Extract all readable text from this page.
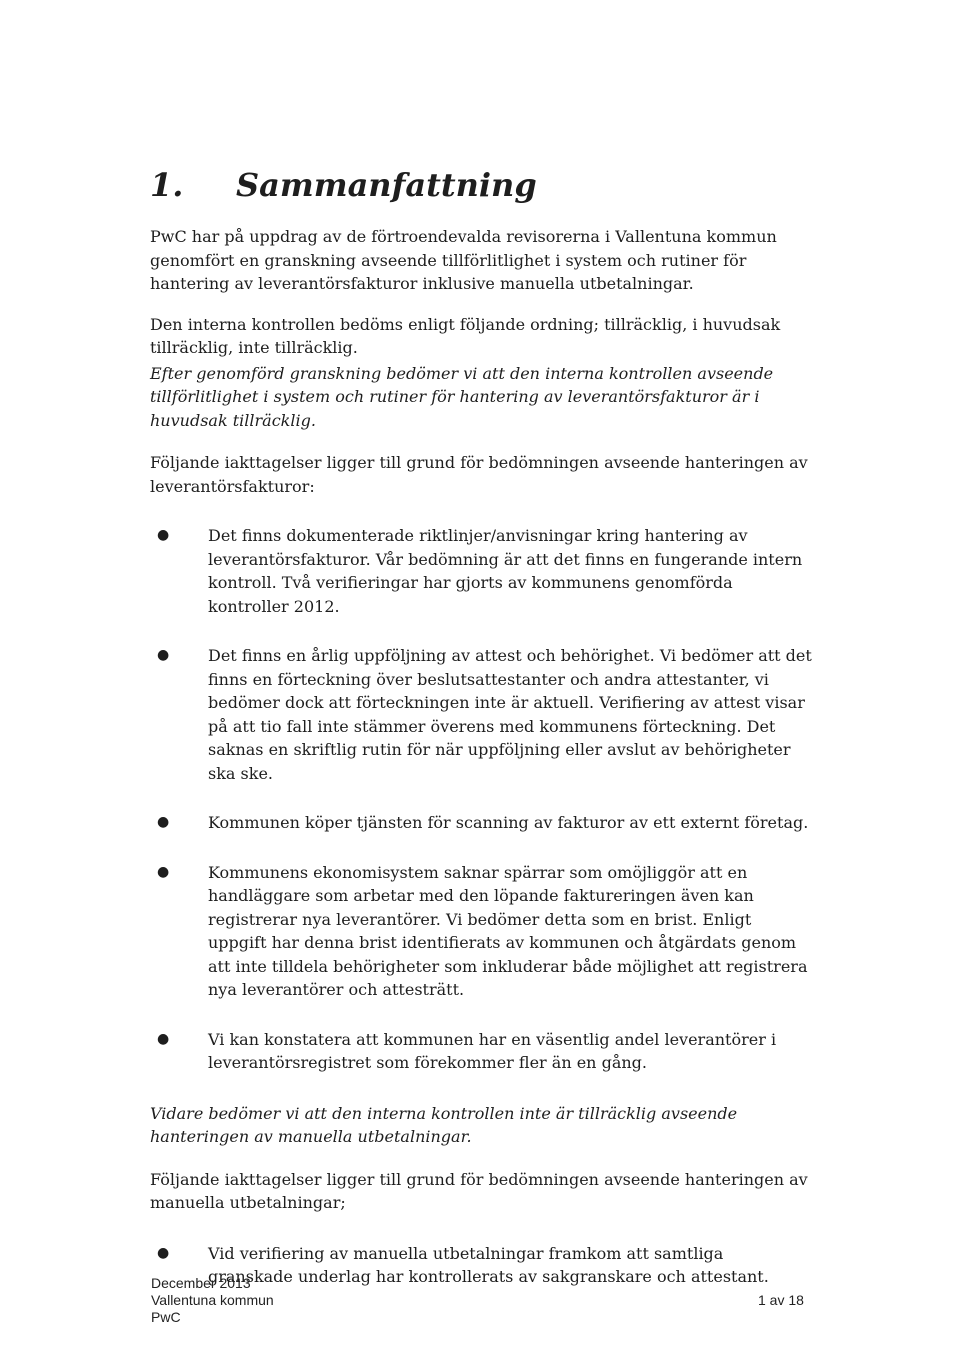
1. Sammanfattning

PwC har på uppdrag av de förtroendevalda revisorerna i Vallentuna kommun genomfört en granskning avseende tillförlitlighet i system och rutiner för hantering av leverantörsfakturor inklusive manuella utbetalningar.

Den interna kontrollen bedöms enligt följande ordning; tillräcklig, i huvudsak tillräcklig, inte tillräcklig.

Efter genomförd granskning bedömer vi att den interna kontrollen avseende tillförlitlighet i system och rutiner för hantering av leverantörsfakturor är i huvudsak tillräcklig.

Följande iakttagelser ligger till grund för bedömningen avseende hanteringen av leverantörsfakturor:

● Det finns dokumenterade riktlinjer/anvisningar kring hantering av leverantörsfakturor. Vår bedömning är att det finns en fungerande intern kontroll. Två verifieringar har gjorts av kommunens genomförda kontroller 2012.
● Det finns en årlig uppföljning av attest och behörighet. Vi bedömer att det finns en förteckning över beslutsattestanter och andra attestanter, vi bedömer dock att förteckningen inte är aktuell. Verifiering av attest visar på att tio fall inte stämmer överens med kommunens förteckning. Det saknas en skriftlig rutin för när uppföljning eller avslut av behörigheter ska ske.
● Kommunen köper tjänsten för scanning av fakturor av ett externt företag.
● Kommunens ekonomisystem saknar spärrar som omöjliggör att en handläggare som arbetar med den löpande faktureringen även kan registrerar nya leverantörer. Vi bedömer detta som en brist. Enligt uppgift har denna brist identifierats av kommunen och åtgärdats genom att inte tilldela behörigheter som inkluderar både möjlighet att registrera nya leverantörer och attesträtt.
● Vi kan konstatera att kommunen har en väsentlig andel leverantörer i leverantörsregistret som förekommer fler än en gång.

Vidare bedömer vi att den interna kontrollen inte är tillräcklig avseende hanteringen av manuella utbetalningar.

Följande iakttagelser ligger till grund för bedömningen avseende hanteringen av manuella utbetalningar;

● Vid verifiering av manuella utbetalningar framkom att samtliga granskade underlag har kontrollerats av sakgranskare och attestant.
December 2013
Vallentuna kommun
PwC
1 av 18
